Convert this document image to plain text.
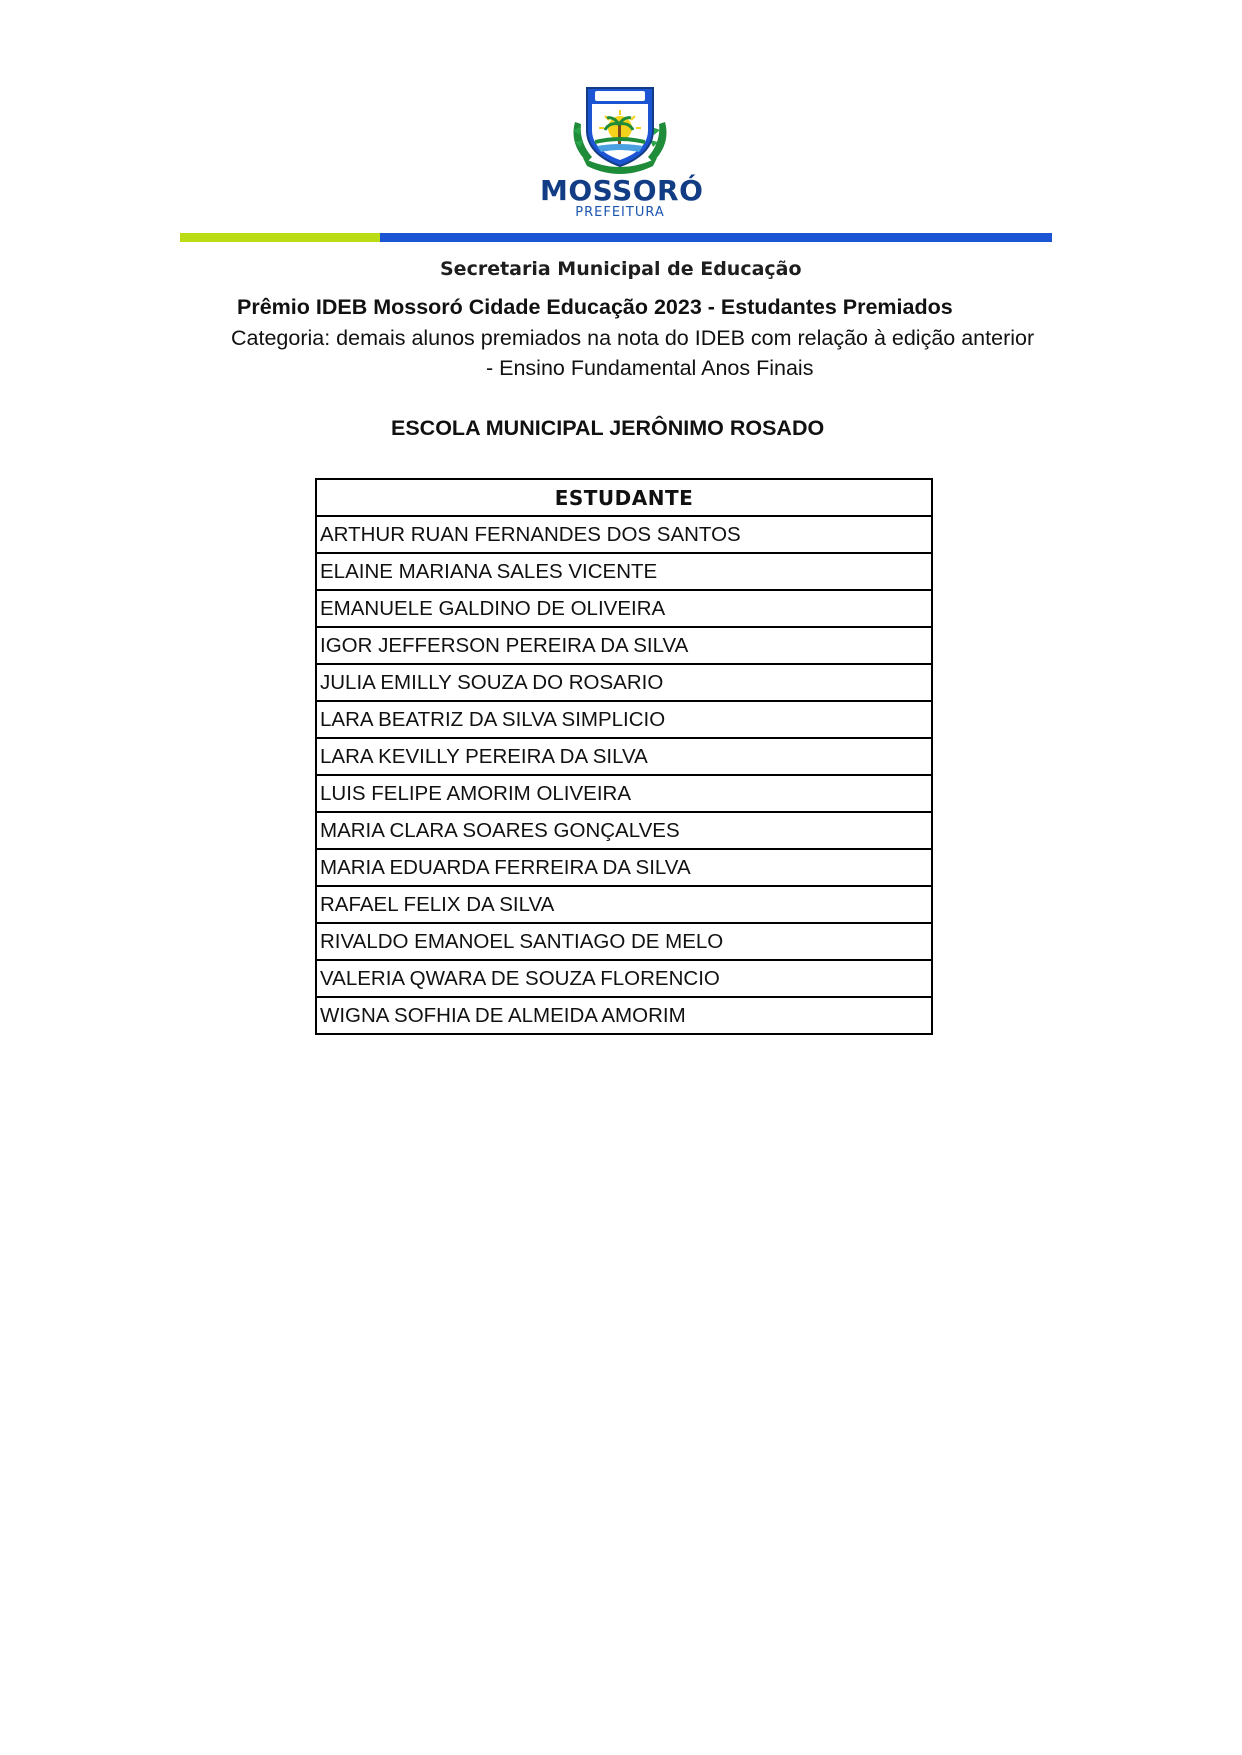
MOSSORÓ
PREFEITURA
Secretaria Municipal de Educação
Prêmio IDEB Mossoró Cidade Educação 2023 - Estudantes Premiados
Categoria: demais alunos premiados na nota do IDEB com relação à edição anterior
- Ensino Fundamental Anos Finais
ESCOLA MUNICIPAL JERÔNIMO ROSADO
ESTUDANTE
ARTHUR RUAN FERNANDES DOS SANTOS
ELAINE MARIANA SALES VICENTE
EMANUELE GALDINO DE OLIVEIRA
IGOR JEFFERSON PEREIRA DA SILVA
JULIA EMILLY SOUZA DO ROSARIO
LARA BEATRIZ DA SILVA SIMPLICIO
LARA KEVILLY PEREIRA DA SILVA
LUIS FELIPE AMORIM OLIVEIRA
MARIA CLARA SOARES GONÇALVES
MARIA EDUARDA FERREIRA DA SILVA
RAFAEL FELIX DA SILVA
RIVALDO EMANOEL SANTIAGO DE MELO
VALERIA QWARA DE SOUZA FLORENCIO
WIGNA SOFHIA DE ALMEIDA AMORIM
